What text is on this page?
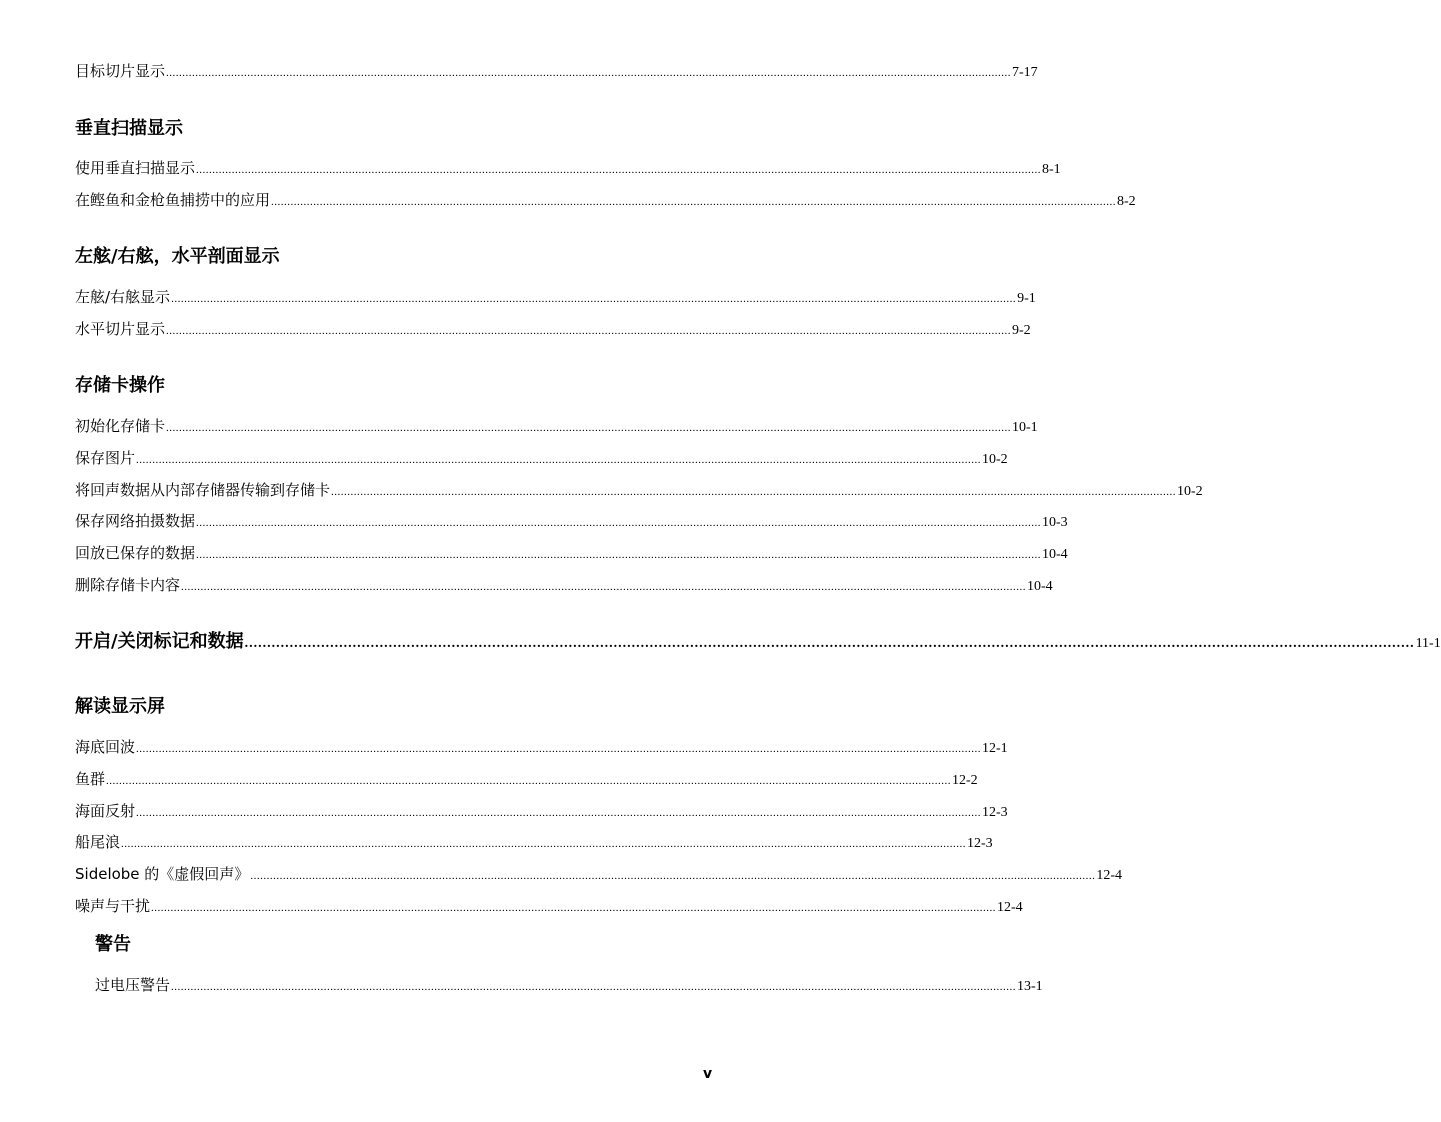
目标切片显示 .................................................................................................................................................................................................................................................................... 7-17
垂直扫描显示
使用垂直扫描显示 .................................................................................................................................................................................................................................................................... 8-1
在鲣鱼和金枪鱼捕捞中的应用 .................................................................................................................................................................................................................................................................... 8-2
左舷/右舷，水平剖面显示
左舷/右舷显示 .................................................................................................................................................................................................................................................................... 9-1
水平切片显示 .................................................................................................................................................................................................................................................................... 9-2
存储卡操作
初始化存储卡 .................................................................................................................................................................................................................................................................... 10-1
保存图片 .................................................................................................................................................................................................................................................................... 10-2
将回声数据从内部存储器传输到存储卡 .................................................................................................................................................................................................................................................................... 10-2
保存网络拍摄数据 .................................................................................................................................................................................................................................................................... 10-3
回放已保存的数据 .................................................................................................................................................................................................................................................................... 10-4
删除存储卡内容 .................................................................................................................................................................................................................................................................... 10-4
开启/关闭标记和数据 .................................................................................................................................................................................................................................................................... 11-1
解读显示屏
海底回波 .................................................................................................................................................................................................................................................................... 12-1
鱼群 .................................................................................................................................................................................................................................................................... 12-2
海面反射 .................................................................................................................................................................................................................................................................... 12-3
船尾浪 .................................................................................................................................................................................................................................................................... 12-3
Sidelobe 的《虚假回声》 .................................................................................................................................................................................................................................................................... 12-4
噪声与干扰 .................................................................................................................................................................................................................................................................... 12-4
警告
过电压警告 .................................................................................................................................................................................................................................................................... 13-1
v
